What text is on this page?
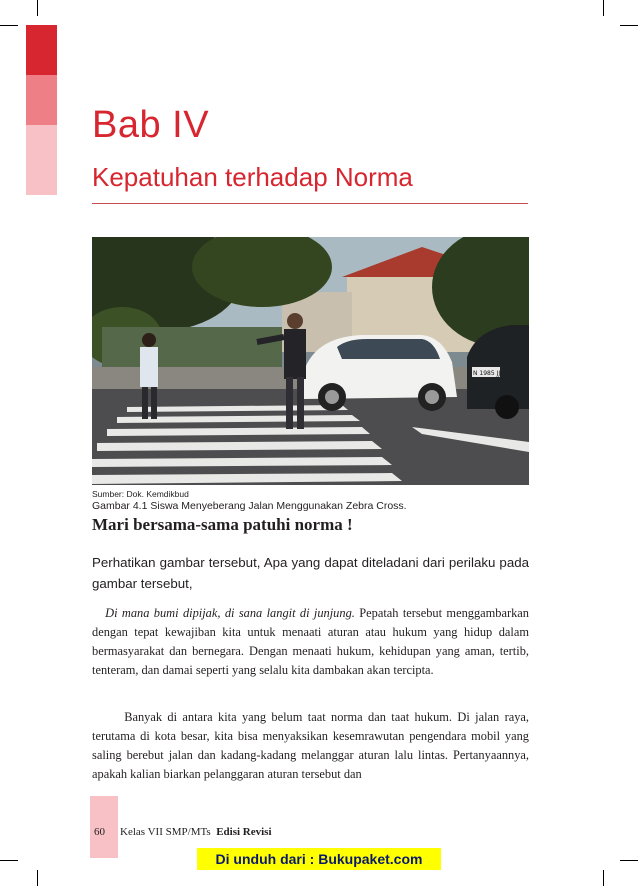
Bab IV
Kepatuhan terhadap Norma
N 1985 JJ
Sumber: Dok. Kemdikbud
Gambar 4.1 Siswa Menyeberang Jalan Menggunakan Zebra Cross.
Mari bersama-sama patuhi norma !
Perhatikan gambar tersebut, Apa yang dapat diteladani dari perilaku pada gambar tersebut,
Di mana bumi dipijak, di sana langit di junjung. Pepatah tersebut menggambarkan dengan tepat kewajiban kita untuk menaati aturan atau hukum yang hidup dalam bermasyarakat dan bernegara. Dengan menaati hukum, kehidupan yang aman, tertib, tenteram, dan damai seperti yang selalu kita dambakan akan tercipta.
Banyak di antara kita yang belum taat norma dan taat hukum. Di jalan raya, terutama di kota besar, kita bisa menyaksikan kesemrawutan pengendara mobil yang saling berebut jalan dan kadang-kadang melanggar aturan lalu lintas. Pertanyaannya, apakah kalian biarkan pelanggaran aturan tersebut dan
60 Kelas VII SMP/MTs Edisi Revisi
Di unduh dari : Bukupaket.com
